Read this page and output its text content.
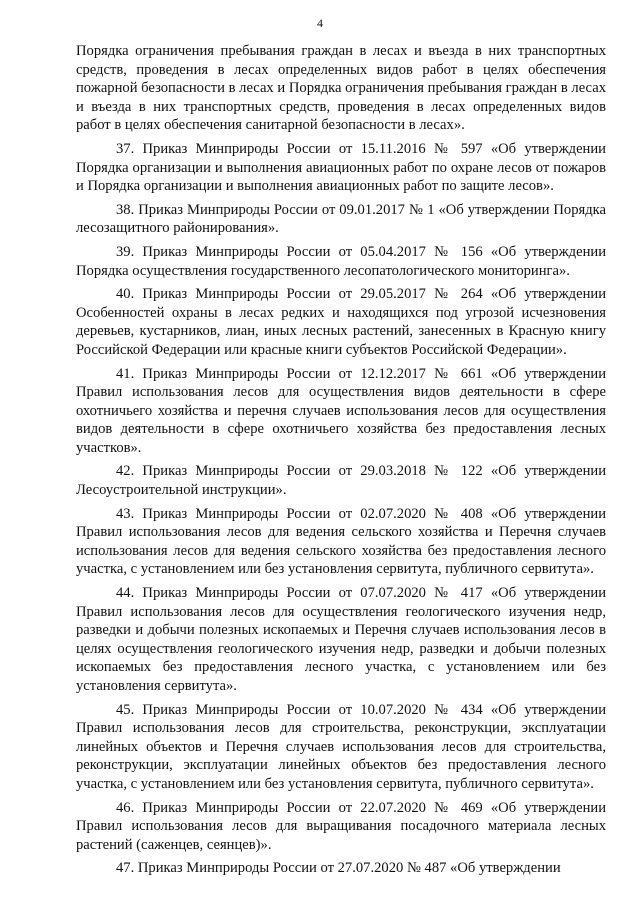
4

Порядка ограничения пребывания граждан в лесах и въезда в них транспортных средств, проведения в лесах определенных видов работ в целях обеспечения пожарной безопасности в лесах и Порядка ограничения пребывания граждан в лесах и въезда в них транспортных средств, проведения в лесах определенных видов работ в целях обеспечения санитарной безопасности в лесах».

37. Приказ Минприроды России от 15.11.2016 № 597 «Об утверждении Порядка организации и выполнения авиационных работ по охране лесов от пожаров и Порядка организации и выполнения авиационных работ по защите лесов».

38. Приказ Минприроды России от 09.01.2017 № 1 «Об утверждении Порядка лесозащитного районирования».

39. Приказ Минприроды России от 05.04.2017 № 156 «Об утверждении Порядка осуществления государственного лесопатологического мониторинга».

40. Приказ Минприроды России от 29.05.2017 № 264 «Об утверждении Особенностей охраны в лесах редких и находящихся под угрозой исчезновения деревьев, кустарников, лиан, иных лесных растений, занесенных в Красную книгу Российской Федерации или красные книги субъектов Российской Федерации».

41. Приказ Минприроды России от 12.12.2017 № 661 «Об утверждении Правил использования лесов для осуществления видов деятельности в сфере охотничьего хозяйства и перечня случаев использования лесов для осуществления видов деятельности в сфере охотничьего хозяйства без предоставления лесных участков».

42. Приказ Минприроды России от 29.03.2018 № 122 «Об утверждении Лесоустроительной инструкции».

43. Приказ Минприроды России от 02.07.2020 № 408 «Об утверждении Правил использования лесов для ведения сельского хозяйства и Перечня случаев использования лесов для ведения сельского хозяйства без предоставления лесного участка, с установлением или без установления сервитута, публичного сервитута».

44. Приказ Минприроды России от 07.07.2020 № 417 «Об утверждении Правил использования лесов для осуществления геологического изучения недр, разведки и добычи полезных ископаемых и Перечня случаев использования лесов в целях осуществления геологического изучения недр, разведки и добычи полезных ископаемых без предоставления лесного участка, с установлением или без установления сервитута».

45. Приказ Минприроды России от 10.07.2020 № 434 «Об утверждении Правил использования лесов для строительства, реконструкции, эксплуатации линейных объектов и Перечня случаев использования лесов для строительства, реконструкции, эксплуатации линейных объектов без предоставления лесного участка, с установлением или без установления сервитута, публичного сервитута».

46. Приказ Минприроды России от 22.07.2020 № 469 «Об утверждении Правил использования лесов для выращивания посадочного материала лесных растений (саженцев, сеянцев)».

47. Приказ Минприроды России от 27.07.2020 № 487 «Об утверждении
